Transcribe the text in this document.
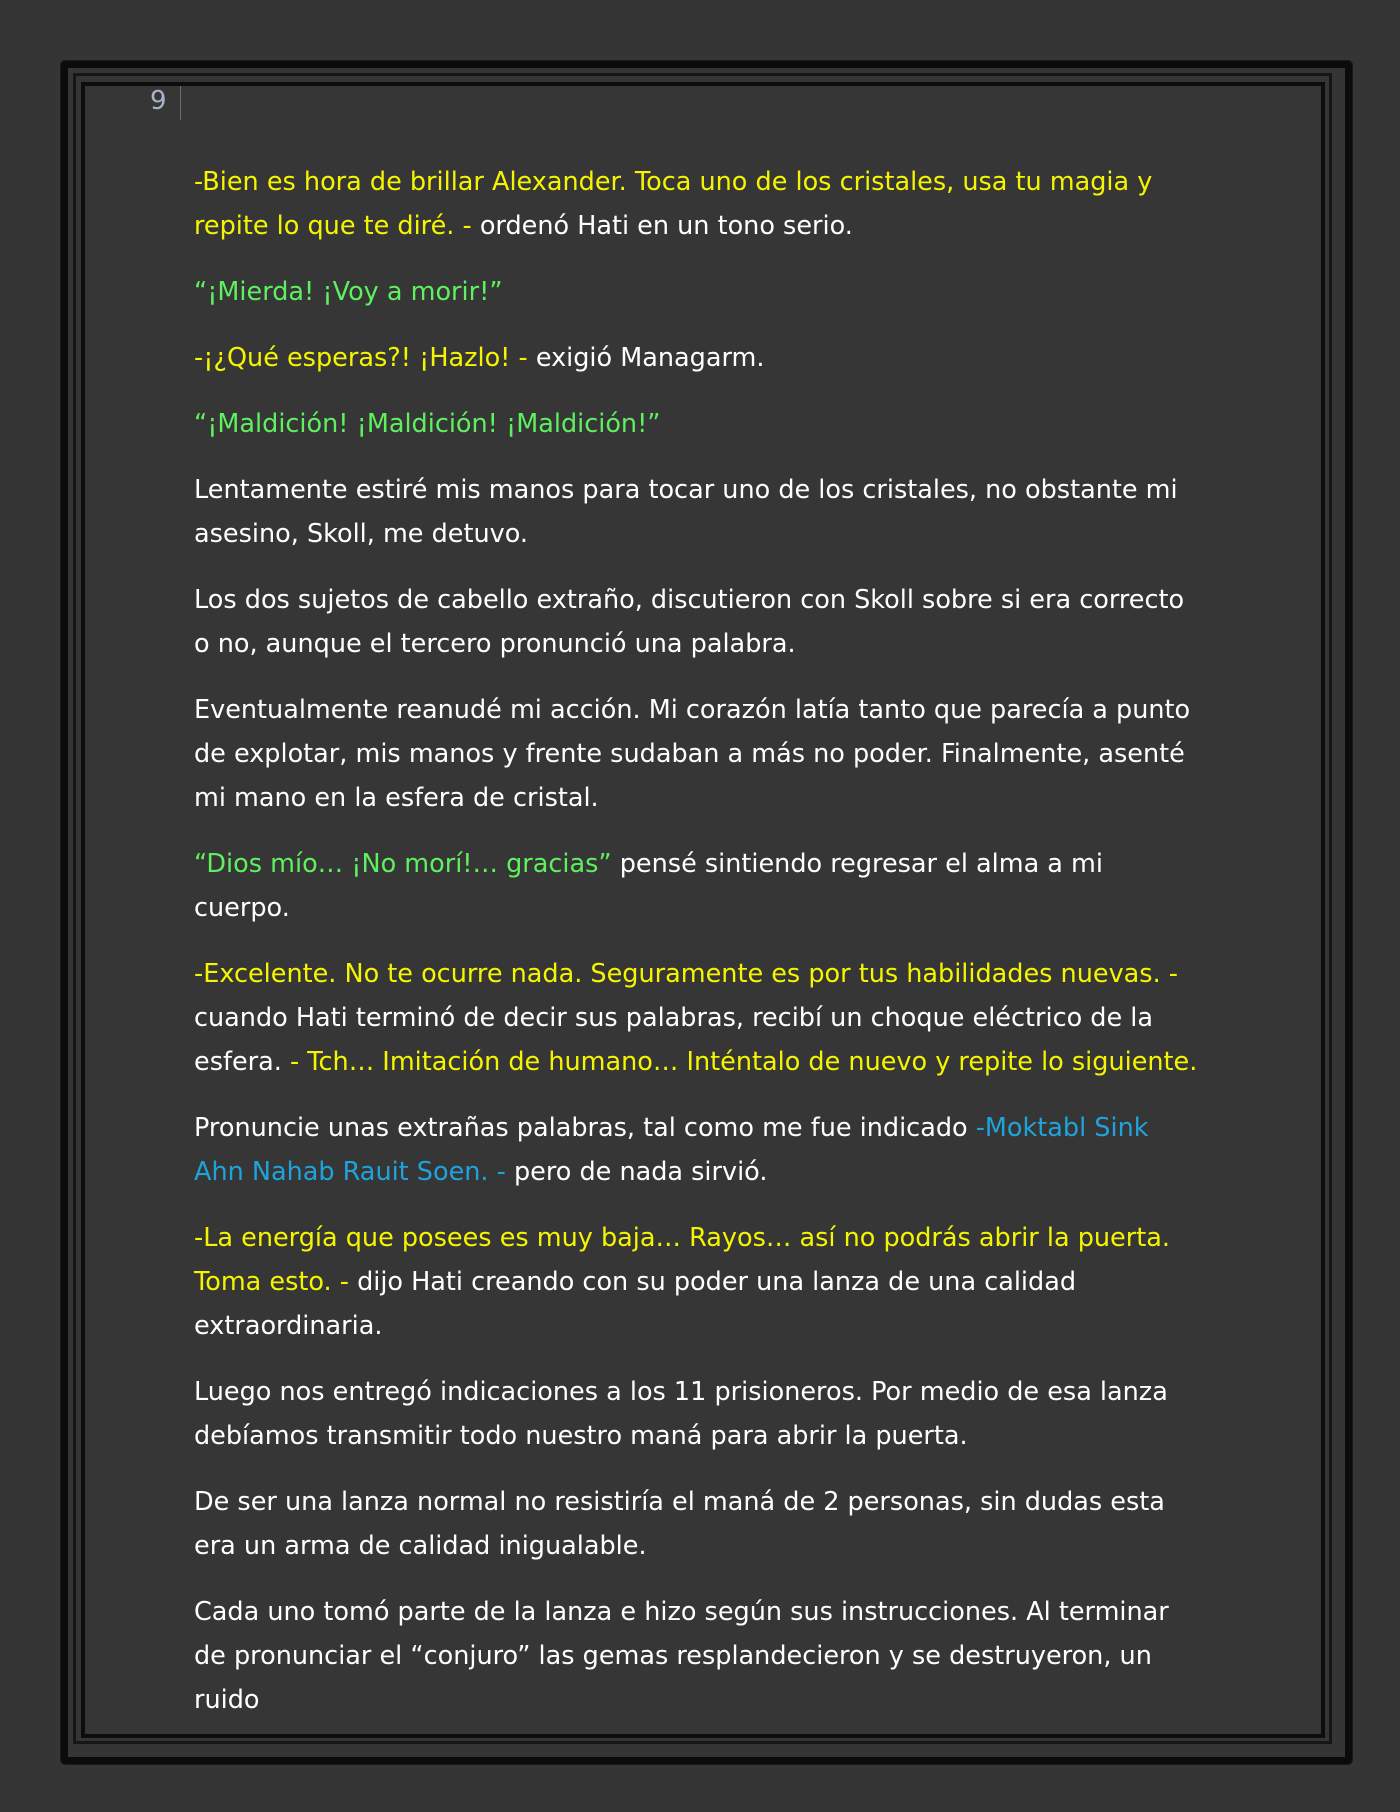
9

-Bien es hora de brillar Alexander. Toca uno de los cristales, usa tu magia y repite lo que te diré. - ordenó Hati en un tono serio.

“¡Mierda! ¡Voy a morir!”

-¡¿Qué esperas?! ¡Hazlo! - exigió Managarm.

“¡Maldición! ¡Maldición! ¡Maldición!”

Lentamente estiré mis manos para tocar uno de los cristales, no obstante mi asesino, Skoll, me detuvo.

Los dos sujetos de cabello extraño, discutieron con Skoll sobre si era correcto o no, aunque el tercero pronunció una palabra.

Eventualmente reanudé mi acción. Mi corazón latía tanto que parecía a punto de explotar, mis manos y frente sudaban a más no poder. Finalmente, asenté mi mano en la esfera de cristal.

“Dios mío… ¡No morí!… gracias” pensé sintiendo regresar el alma a mi cuerpo.

-Excelente. No te ocurre nada. Seguramente es por tus habilidades nuevas. - cuando Hati terminó de decir sus palabras, recibí un choque eléctrico de la esfera. - Tch… Imitación de humano… Inténtalo de nuevo y repite lo siguiente.

Pronuncie unas extrañas palabras, tal como me fue indicado -Moktabl Sink Ahn Nahab Rauit Soen. - pero de nada sirvió.

-La energía que posees es muy baja… Rayos… así no podrás abrir la puerta. Toma esto. - dijo Hati creando con su poder una lanza de una calidad extraordinaria.

Luego nos entregó indicaciones a los 11 prisioneros. Por medio de esa lanza debíamos transmitir todo nuestro maná para abrir la puerta.

De ser una lanza normal no resistiría el maná de 2 personas, sin dudas esta era un arma de calidad inigualable.

Cada uno tomó parte de la lanza e hizo según sus instrucciones. Al terminar de pronunciar el “conjuro” las gemas resplandecieron y se destruyeron, un ruido
